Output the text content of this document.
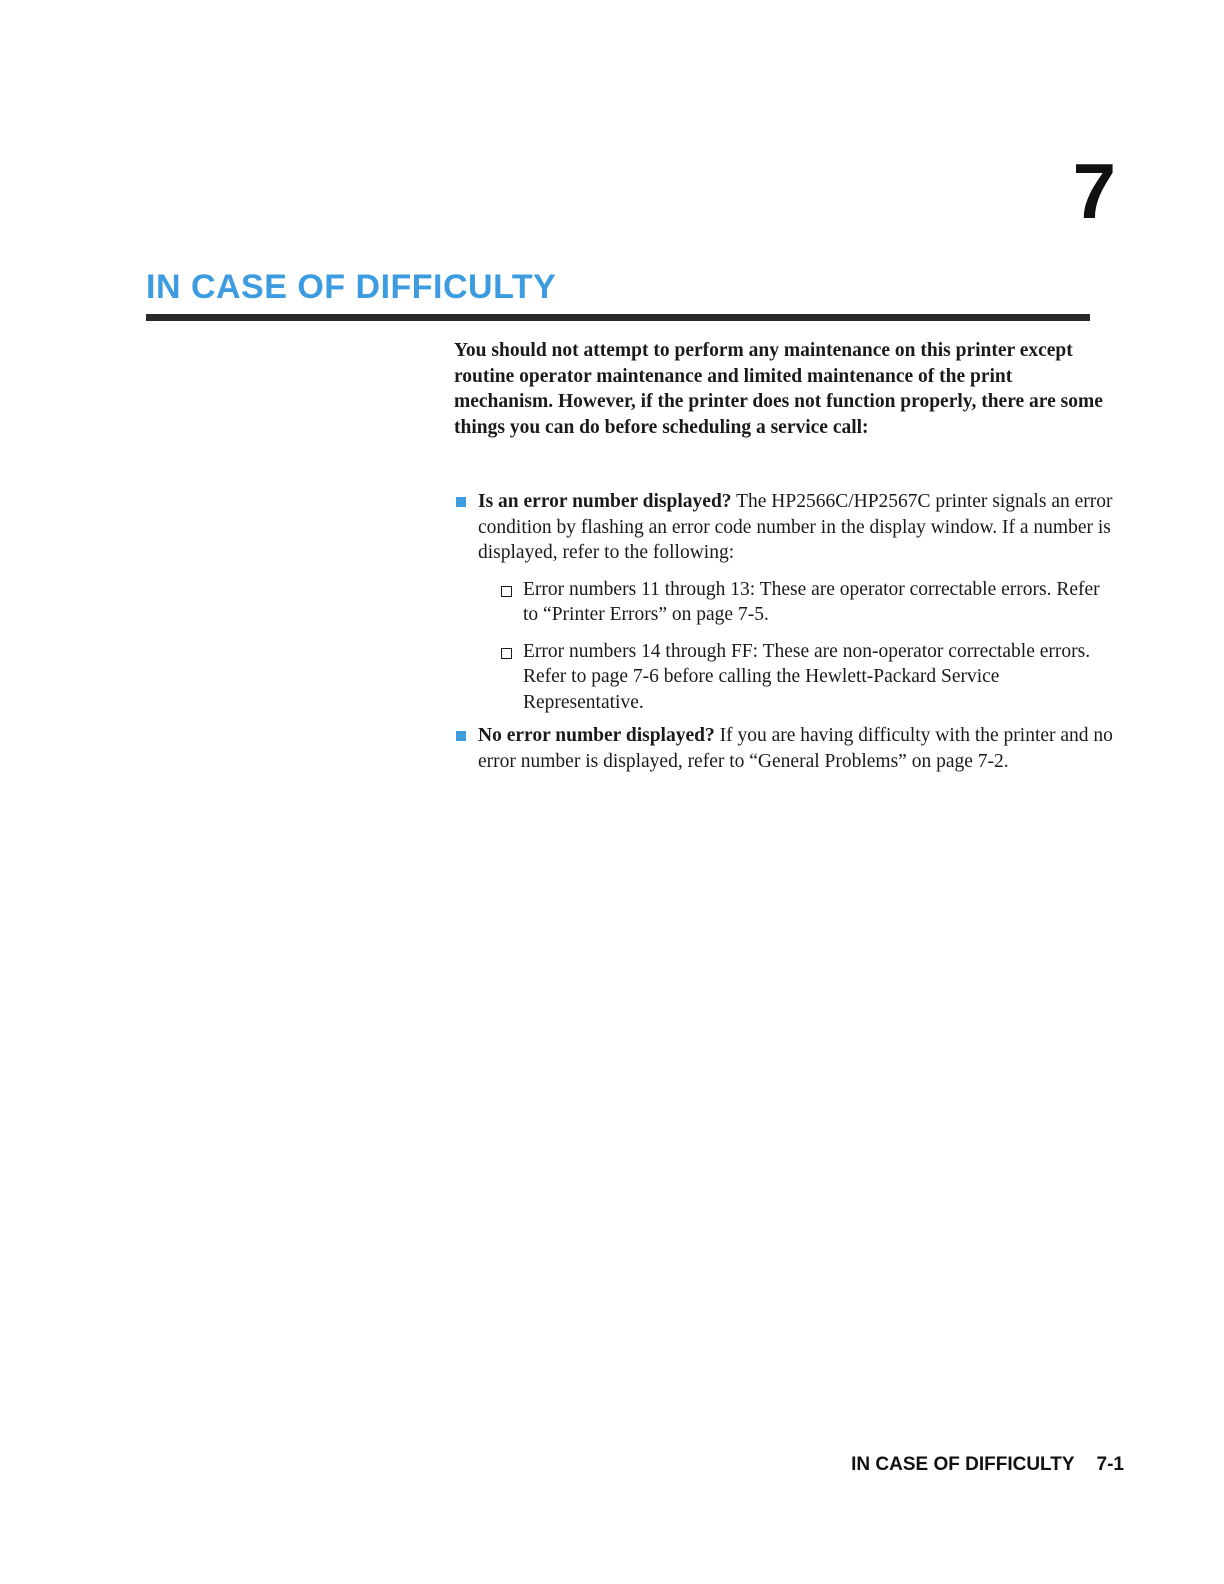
7
IN CASE OF DIFFICULTY

You should not attempt to perform any maintenance on this printer except routine operator maintenance and limited maintenance of the print mechanism. However, if the printer does not function properly, there are some things you can do before scheduling a service call:

Is an error number displayed? The HP2566C/HP2567C printer signals an error condition by flashing an error code number in the display window. If a number is displayed, refer to the following:
Error numbers 11 through 13: These are operator correctable errors. Refer to “Printer Errors” on page 7-5.
Error numbers 14 through FF: These are non-operator correctable errors. Refer to page 7-6 before calling the Hewlett-Packard Service Representative.
No error number displayed? If you are having difficulty with the printer and no error number is displayed, refer to “General Problems” on page 7-2.
IN CASE OF DIFFICULTY 7-1
